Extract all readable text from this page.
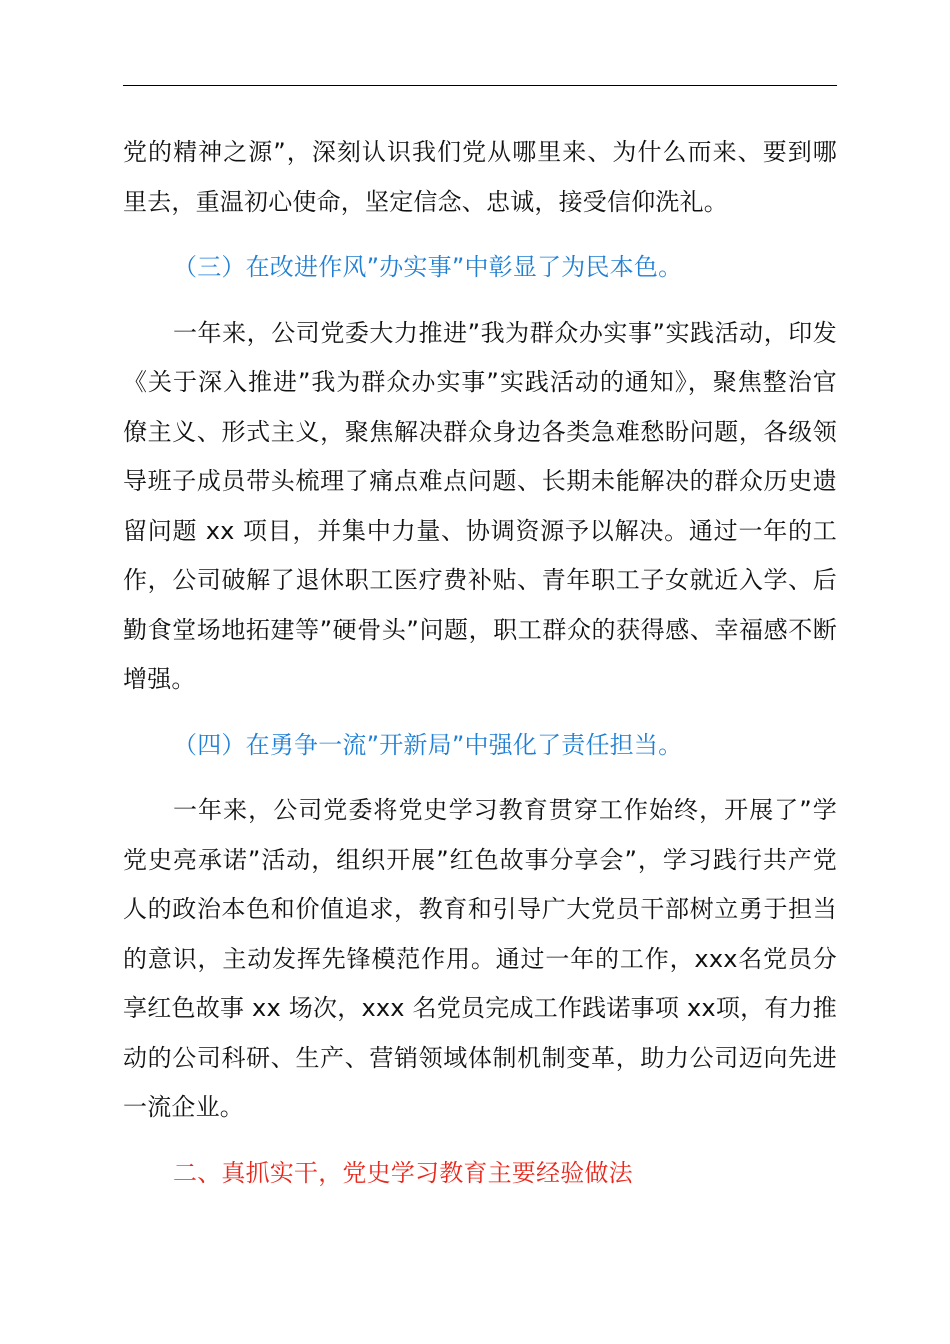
党的精神之源”，深刻认识我们党从哪里来、为什么而来、要到哪里去，重温初心使命，坚定信念、忠诚，接受信仰洗礼。

（三）在改进作风”办实事”中彰显了为民本色。

一年来，公司党委大力推进”我为群众办实事”实践活动，印发《关于深入推进”我为群众办实事”实践活动的通知》，聚焦整治官僚主义、形式主义，聚焦解决群众身边各类急难愁盼问题，各级领导班子成员带头梳理了痛点难点问题、长期未能解决的群众历史遗留问题 xx 项目，并集中力量、协调资源予以解决。通过一年的工作，公司破解了退休职工医疗费补贴、青年职工子女就近入学、后勤食堂场地拓建等”硬骨头”问题，职工群众的获得感、幸福感不断增强。

（四）在勇争一流”开新局”中强化了责任担当。

一年来，公司党委将党史学习教育贯穿工作始终，开展了”学党史亮承诺”活动，组织开展”红色故事分享会”，学习践行共产党人的政治本色和价值追求，教育和引导广大党员干部树立勇于担当的意识，主动发挥先锋模范作用。通过一年的工作，xxx名党员分享红色故事 xx 场次，xxx 名党员完成工作践诺事项 xx项，有力推动的公司科研、生产、营销领域体制机制变革，助力公司迈向先进一流企业。

二、真抓实干，党史学习教育主要经验做法
